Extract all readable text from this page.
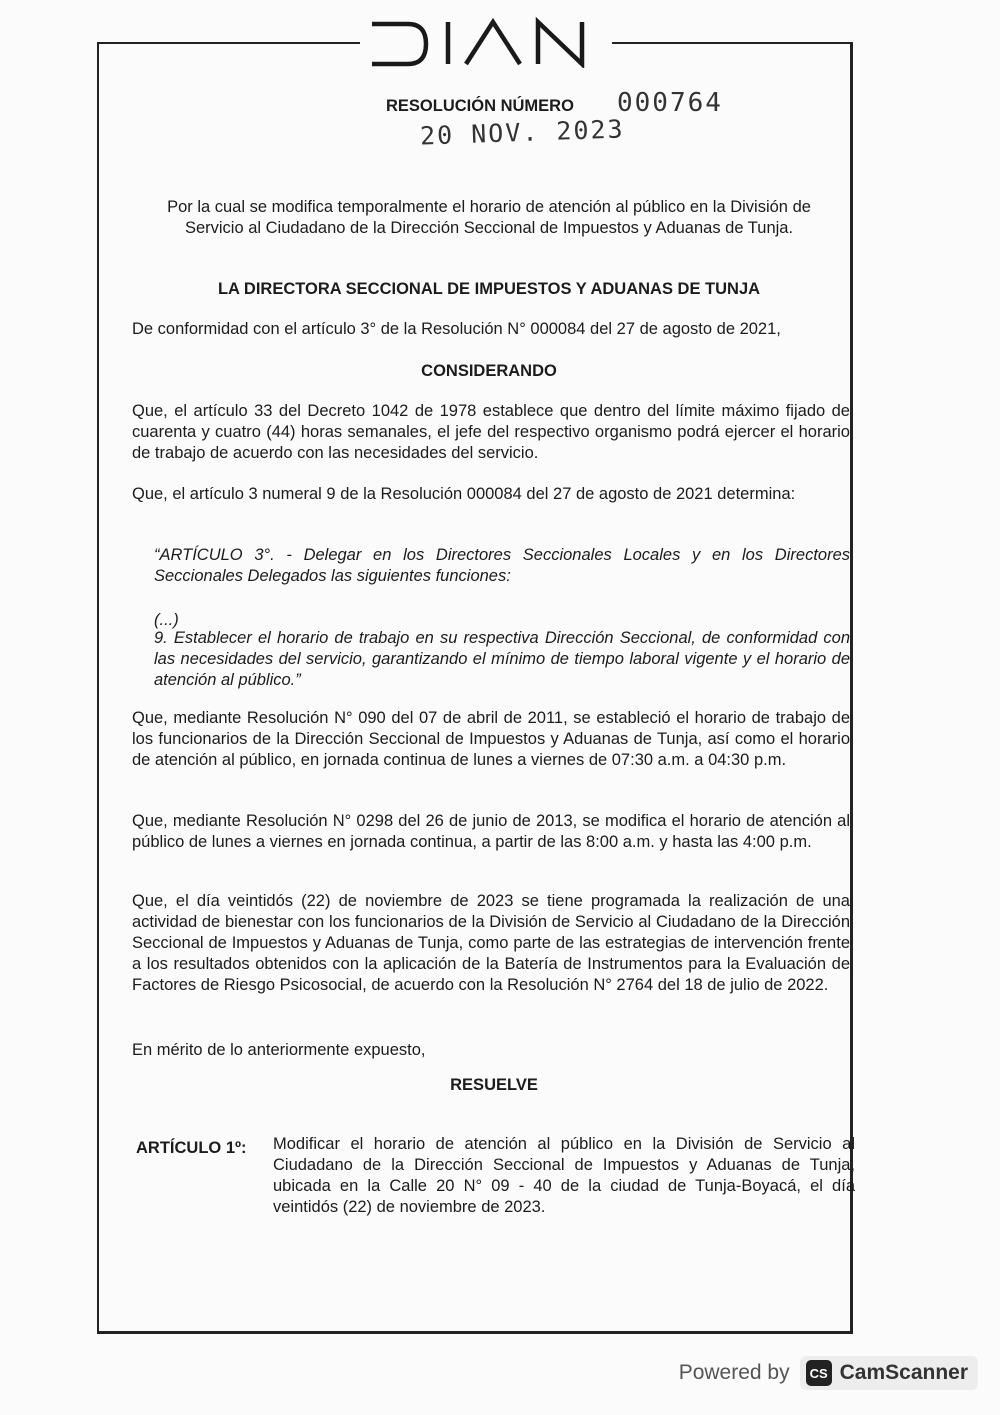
RESOLUCIÓN NÚMERO 000764
20 NOV. 2023
Por la cual se modifica temporalmente el horario de atención al público en la División de
Servicio al Ciudadano de la Dirección Seccional de Impuestos y Aduanas de Tunja.
LA DIRECTORA SECCIONAL DE IMPUESTOS Y ADUANAS DE TUNJA
De conformidad con el artículo 3° de la Resolución N° 000084 del 27 de agosto de 2021,
CONSIDERANDO
Que, el artículo 33 del Decreto 1042 de 1978 establece que dentro del límite máximo fijado de cuarenta y cuatro (44) horas semanales, el jefe del respectivo organismo podrá ejercer el horario de trabajo de acuerdo con las necesidades del servicio.
Que, el artículo 3 numeral 9 de la Resolución 000084 del 27 de agosto de 2021 determina:
“ARTÍCULO 3°. - Delegar en los Directores Seccionales Locales y en los Directores Seccionales Delegados las siguientes funciones:
(...)
9. Establecer el horario de trabajo en su respectiva Dirección Seccional, de conformidad con las necesidades del servicio, garantizando el mínimo de tiempo laboral vigente y el horario de atención al público.”
Que, mediante Resolución N° 090 del 07 de abril de 2011, se estableció el horario de trabajo de los funcionarios de la Dirección Seccional de Impuestos y Aduanas de Tunja, así como el horario de atención al público, en jornada continua de lunes a viernes de 07:30 a.m. a 04:30 p.m.
Que, mediante Resolución N° 0298 del 26 de junio de 2013, se modifica el horario de atención al público de lunes a viernes en jornada continua, a partir de las 8:00 a.m. y hasta las 4:00 p.m.
Que, el día veintidós (22) de noviembre de 2023 se tiene programada la realización de una actividad de bienestar con los funcionarios de la División de Servicio al Ciudadano de la Dirección Seccional de Impuestos y Aduanas de Tunja, como parte de las estrategias de intervención frente a los resultados obtenidos con la aplicación de la Batería de Instrumentos para la Evaluación de Factores de Riesgo Psicosocial, de acuerdo con la Resolución N° 2764 del 18 de julio de 2022.
En mérito de lo anteriormente expuesto,
RESUELVE
ARTÍCULO 1º: Modificar el horario de atención al público en la División de Servicio al Ciudadano de la Dirección Seccional de Impuestos y Aduanas de Tunja, ubicada en la Calle 20 N° 09 - 40 de la ciudad de Tunja-Boyacá, el día veintidós (22) de noviembre de 2023.
Powered by	CS CamScanner
